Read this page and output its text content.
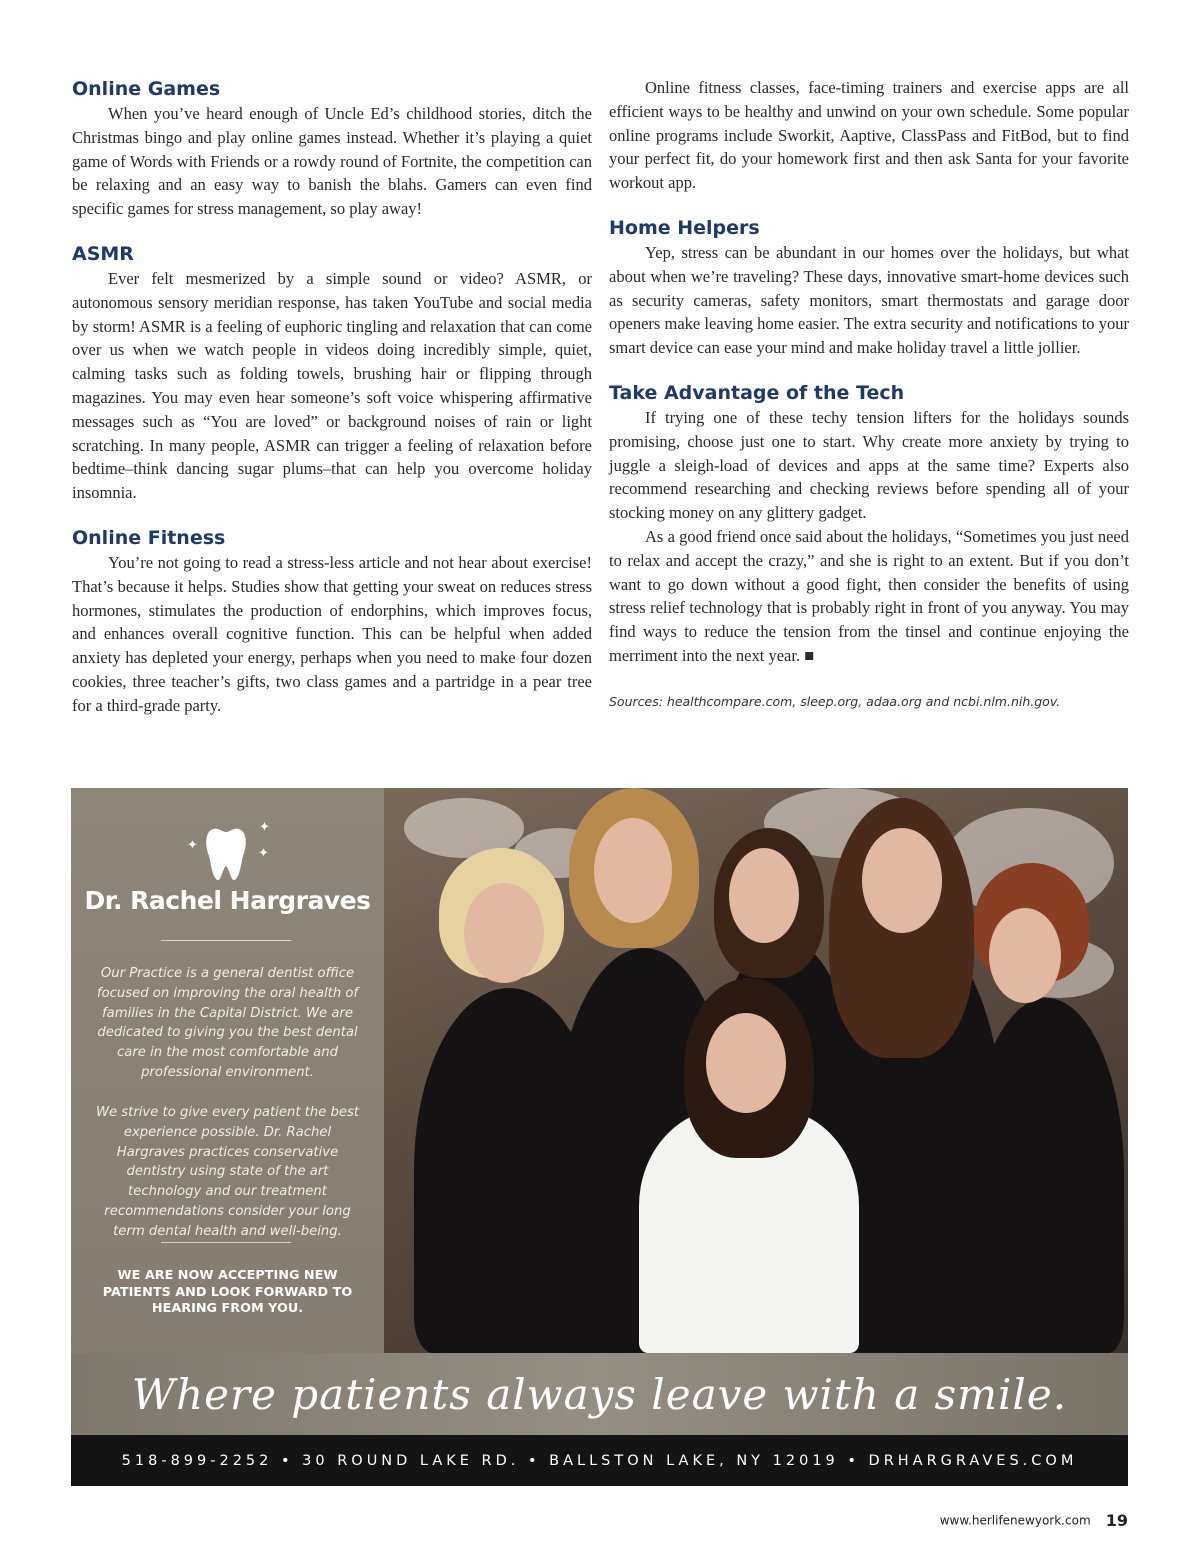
Online Games

When you’ve heard enough of Uncle Ed’s childhood stories, ditch the Christmas bingo and play online games instead. Whether it’s playing a quiet game of Words with Friends or a rowdy round of Fortnite, the competition can be relaxing and an easy way to banish the blahs. Gamers can even find specific games for stress management, so play away!

ASMR

Ever felt mesmerized by a simple sound or video? ASMR, or autonomous sensory meridian response, has taken YouTube and social media by storm! ASMR is a feeling of euphoric tingling and relaxation that can come over us when we watch people in videos doing incredibly simple, quiet, calming tasks such as folding towels, brushing hair or flipping through magazines. You may even hear someone’s soft voice whispering affirmative messages such as “You are loved” or background noises of rain or light scratching. In many people, ASMR can trigger a feeling of relaxation before bedtime–think dancing sugar plums–that can help you overcome holiday insomnia.

Online Fitness

You’re not going to read a stress-less article and not hear about exercise! That’s because it helps. Studies show that getting your sweat on reduces stress hormones, stimulates the production of endorphins, which improves focus, and enhances overall cognitive function. This can be helpful when added anxiety has depleted your energy, perhaps when you need to make four dozen cookies, three teacher’s gifts, two class games and a partridge in a pear tree for a third-grade party.

Online fitness classes, face-timing trainers and exercise apps are all efficient ways to be healthy and unwind on your own schedule. Some popular online programs include Sworkit, Aaptive, ClassPass and FitBod, but to find your perfect fit, do your homework first and then ask Santa for your favorite workout app.

Home Helpers

Yep, stress can be abundant in our homes over the holidays, but what about when we’re traveling? These days, innovative smart-home devices such as security cameras, safety monitors, smart thermostats and garage door openers make leaving home easier. The extra security and notifications to your smart device can ease your mind and make holiday travel a little jollier.

Take Advantage of the Tech

If trying one of these techy tension lifters for the holidays sounds promising, choose just one to start. Why create more anxiety by trying to juggle a sleigh-load of devices and apps at the same time? Experts also recommend researching and checking reviews before spending all of your stocking money on any glittery gadget.

As a good friend once said about the holidays, “Sometimes you just need to relax and accept the crazy,” and she is right to an extent. But if you don’t want to go down without a good fight, then consider the benefits of using stress relief technology that is probably right in front of you anyway. You may find ways to reduce the tension from the tinsel and continue enjoying the merriment into the next year. ■

Sources: healthcompare.com, sleep.org, adaa.org and ncbi.nlm.nih.gov.

✦
✦
✦
Dr. Rachel Hargraves
Our Practice is a general dentist office focused on improving the oral health of families in the Capital District. We are dedicated to giving you the best dental care in the most comfortable and professional environment.
We strive to give every patient the best experience possible. Dr. Rachel Hargraves practices conservative dentistry using state of the art technology and our treatment recommendations consider your long term dental health and well-being.
WE ARE NOW ACCEPTING NEW PATIENTS AND LOOK FORWARD TO HEARING FROM YOU.
Where patients always leave with a smile.
518-899-2252 • 30 ROUND LAKE RD. • BALLSTON LAKE, NY 12019 • DRHARGRAVES.COM
www.herlifenewyork.com 19
